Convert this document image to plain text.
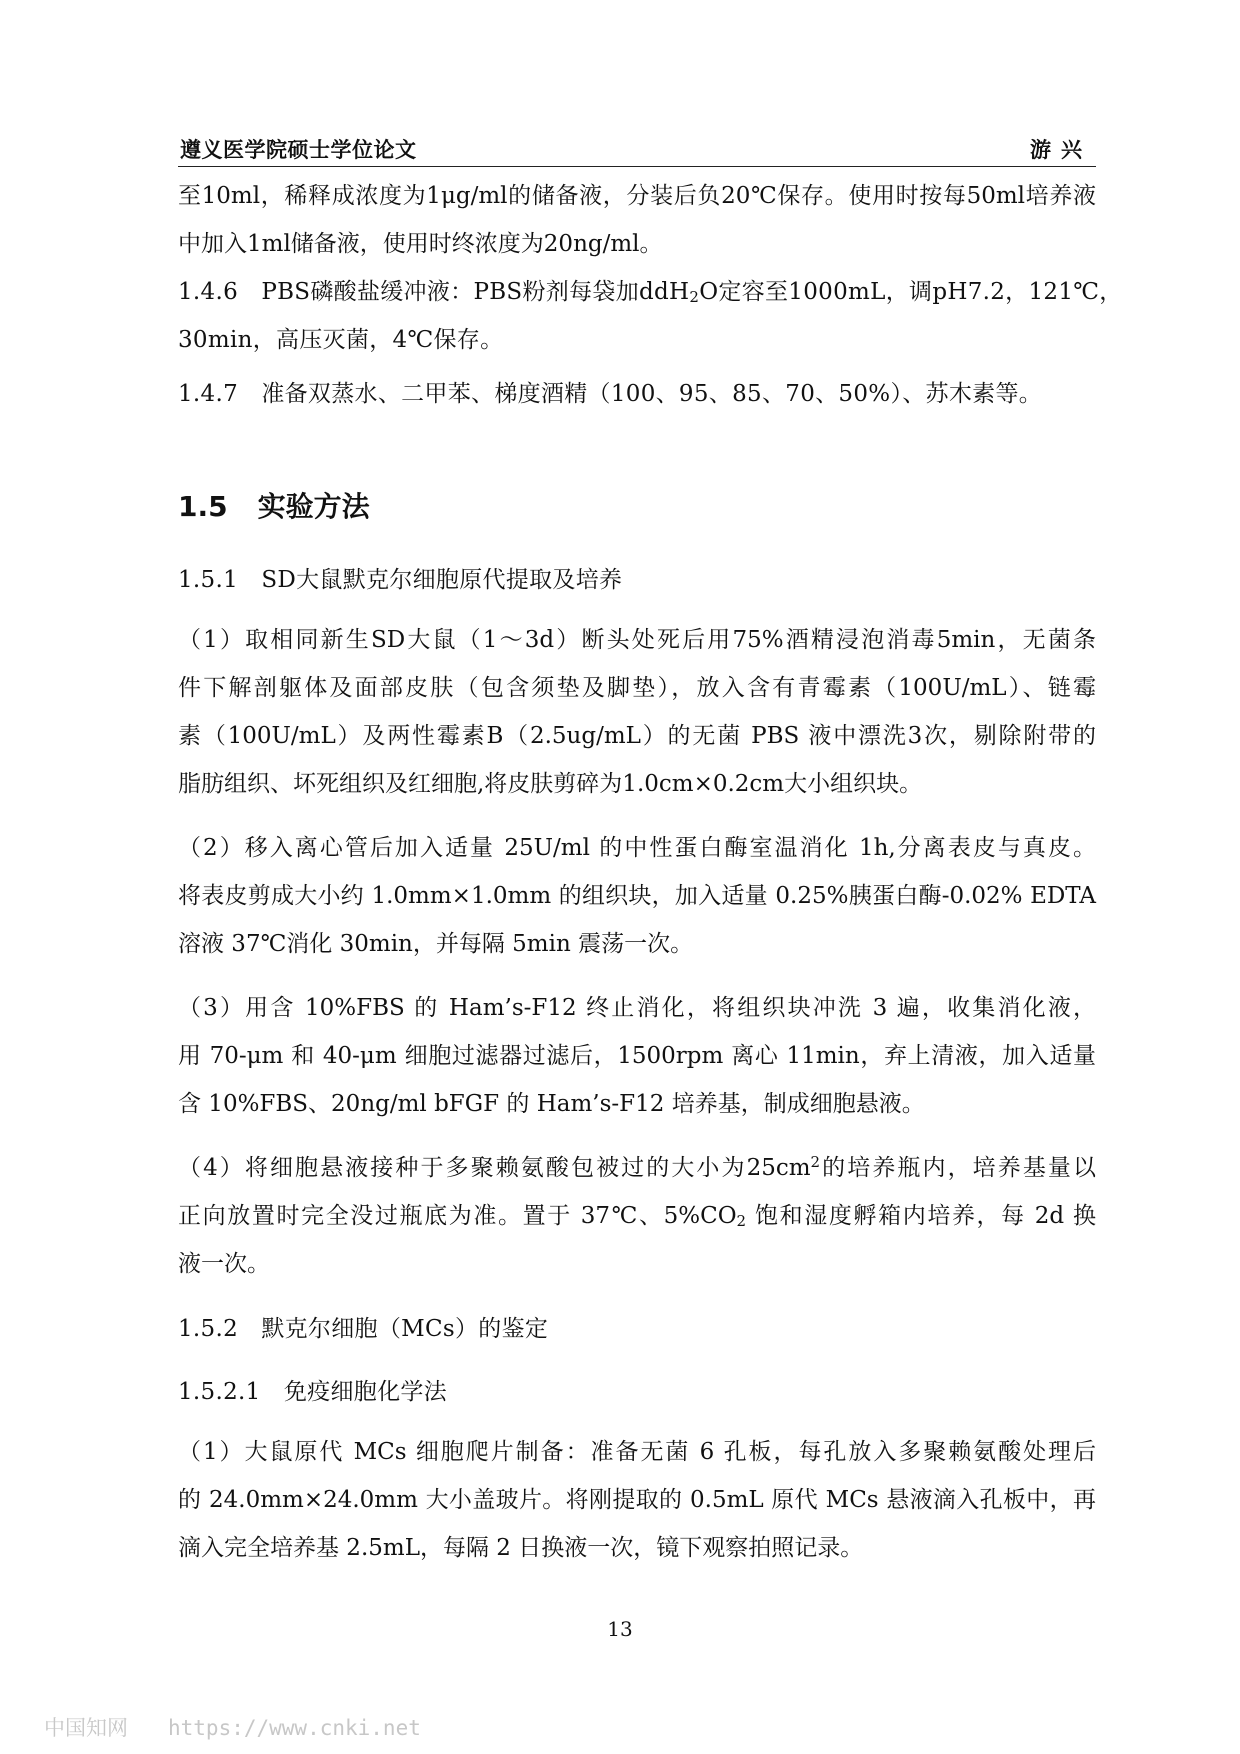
遵义医学院硕士学位论文	游兴
至10ml，稀释成浓度为1μg/ml的储备液，分装后负20℃保存。使用时按每50ml培养液
中加入1ml储备液，使用时终浓度为20ng/ml。
1.4.6　PBS磷酸盐缓冲液：PBS粉剂每袋加ddH$_2$O定容至1000mL，调pH7.2，121℃，
30min，高压灭菌，4℃保存。
1.4.7　准备双蒸水、二甲苯、梯度酒精（100、95、85、70、50%）、苏木素等。
1.5 实验方法
1.5.1　SD大鼠默克尔细胞原代提取及培养
（1）取相同新生SD大鼠（1～3d）断头处死后用75%酒精浸泡消毒5min，无菌条
件下解剖躯体及面部皮肤（包含须垫及脚垫），放入含有青霉素（100U/mL）、链霉
素（100U/mL）及两性霉素B（2.5ug/mL）的无菌 PBS 液中漂洗3次，剔除附带的
脂肪组织、坏死组织及红细胞,将皮肤剪碎为1.0cm×0.2cm大小组织块。
（2）移入离心管后加入适量 25U/ml 的中性蛋白酶室温消化 1h,分离表皮与真皮。
将表皮剪成大小约 1.0mm×1.0mm 的组织块，加入适量 0.25%胰蛋白酶-0.02% EDTA
溶液 37℃消化 30min，并每隔 5min 震荡一次。
（3）用含 10%FBS 的 Ham’s-F12 终止消化，将组织块冲洗 3 遍，收集消化液，
用 70-μm 和 40-μm 细胞过滤器过滤后，1500rpm 离心 11min，弃上清液，加入适量
含 10%FBS、20ng/ml bFGF 的 Ham’s-F12 培养基，制成细胞悬液。
（4）将细胞悬液接种于多聚赖氨酸包被过的大小为$25cm^2$的培养瓶内，培养基量以
正向放置时完全没过瓶底为准。置于 37℃、$5\%CO_2$ 饱和湿度孵箱内培养，每 2d 换
液一次。
1.5.2　默克尔细胞（MCs）的鉴定
1.5.2.1　免疫细胞化学法
（1）大鼠原代 MCs 细胞爬片制备：准备无菌 6 孔板，每孔放入多聚赖氨酸处理后
的 24.0mm×24.0mm 大小盖玻片。将刚提取的 0.5mL 原代 MCs 悬液滴入孔板中，再
滴入完全培养基 2.5mL，每隔 2 日换液一次，镜下观察拍照记录。
13
中国知网 https://www.cnki.net
